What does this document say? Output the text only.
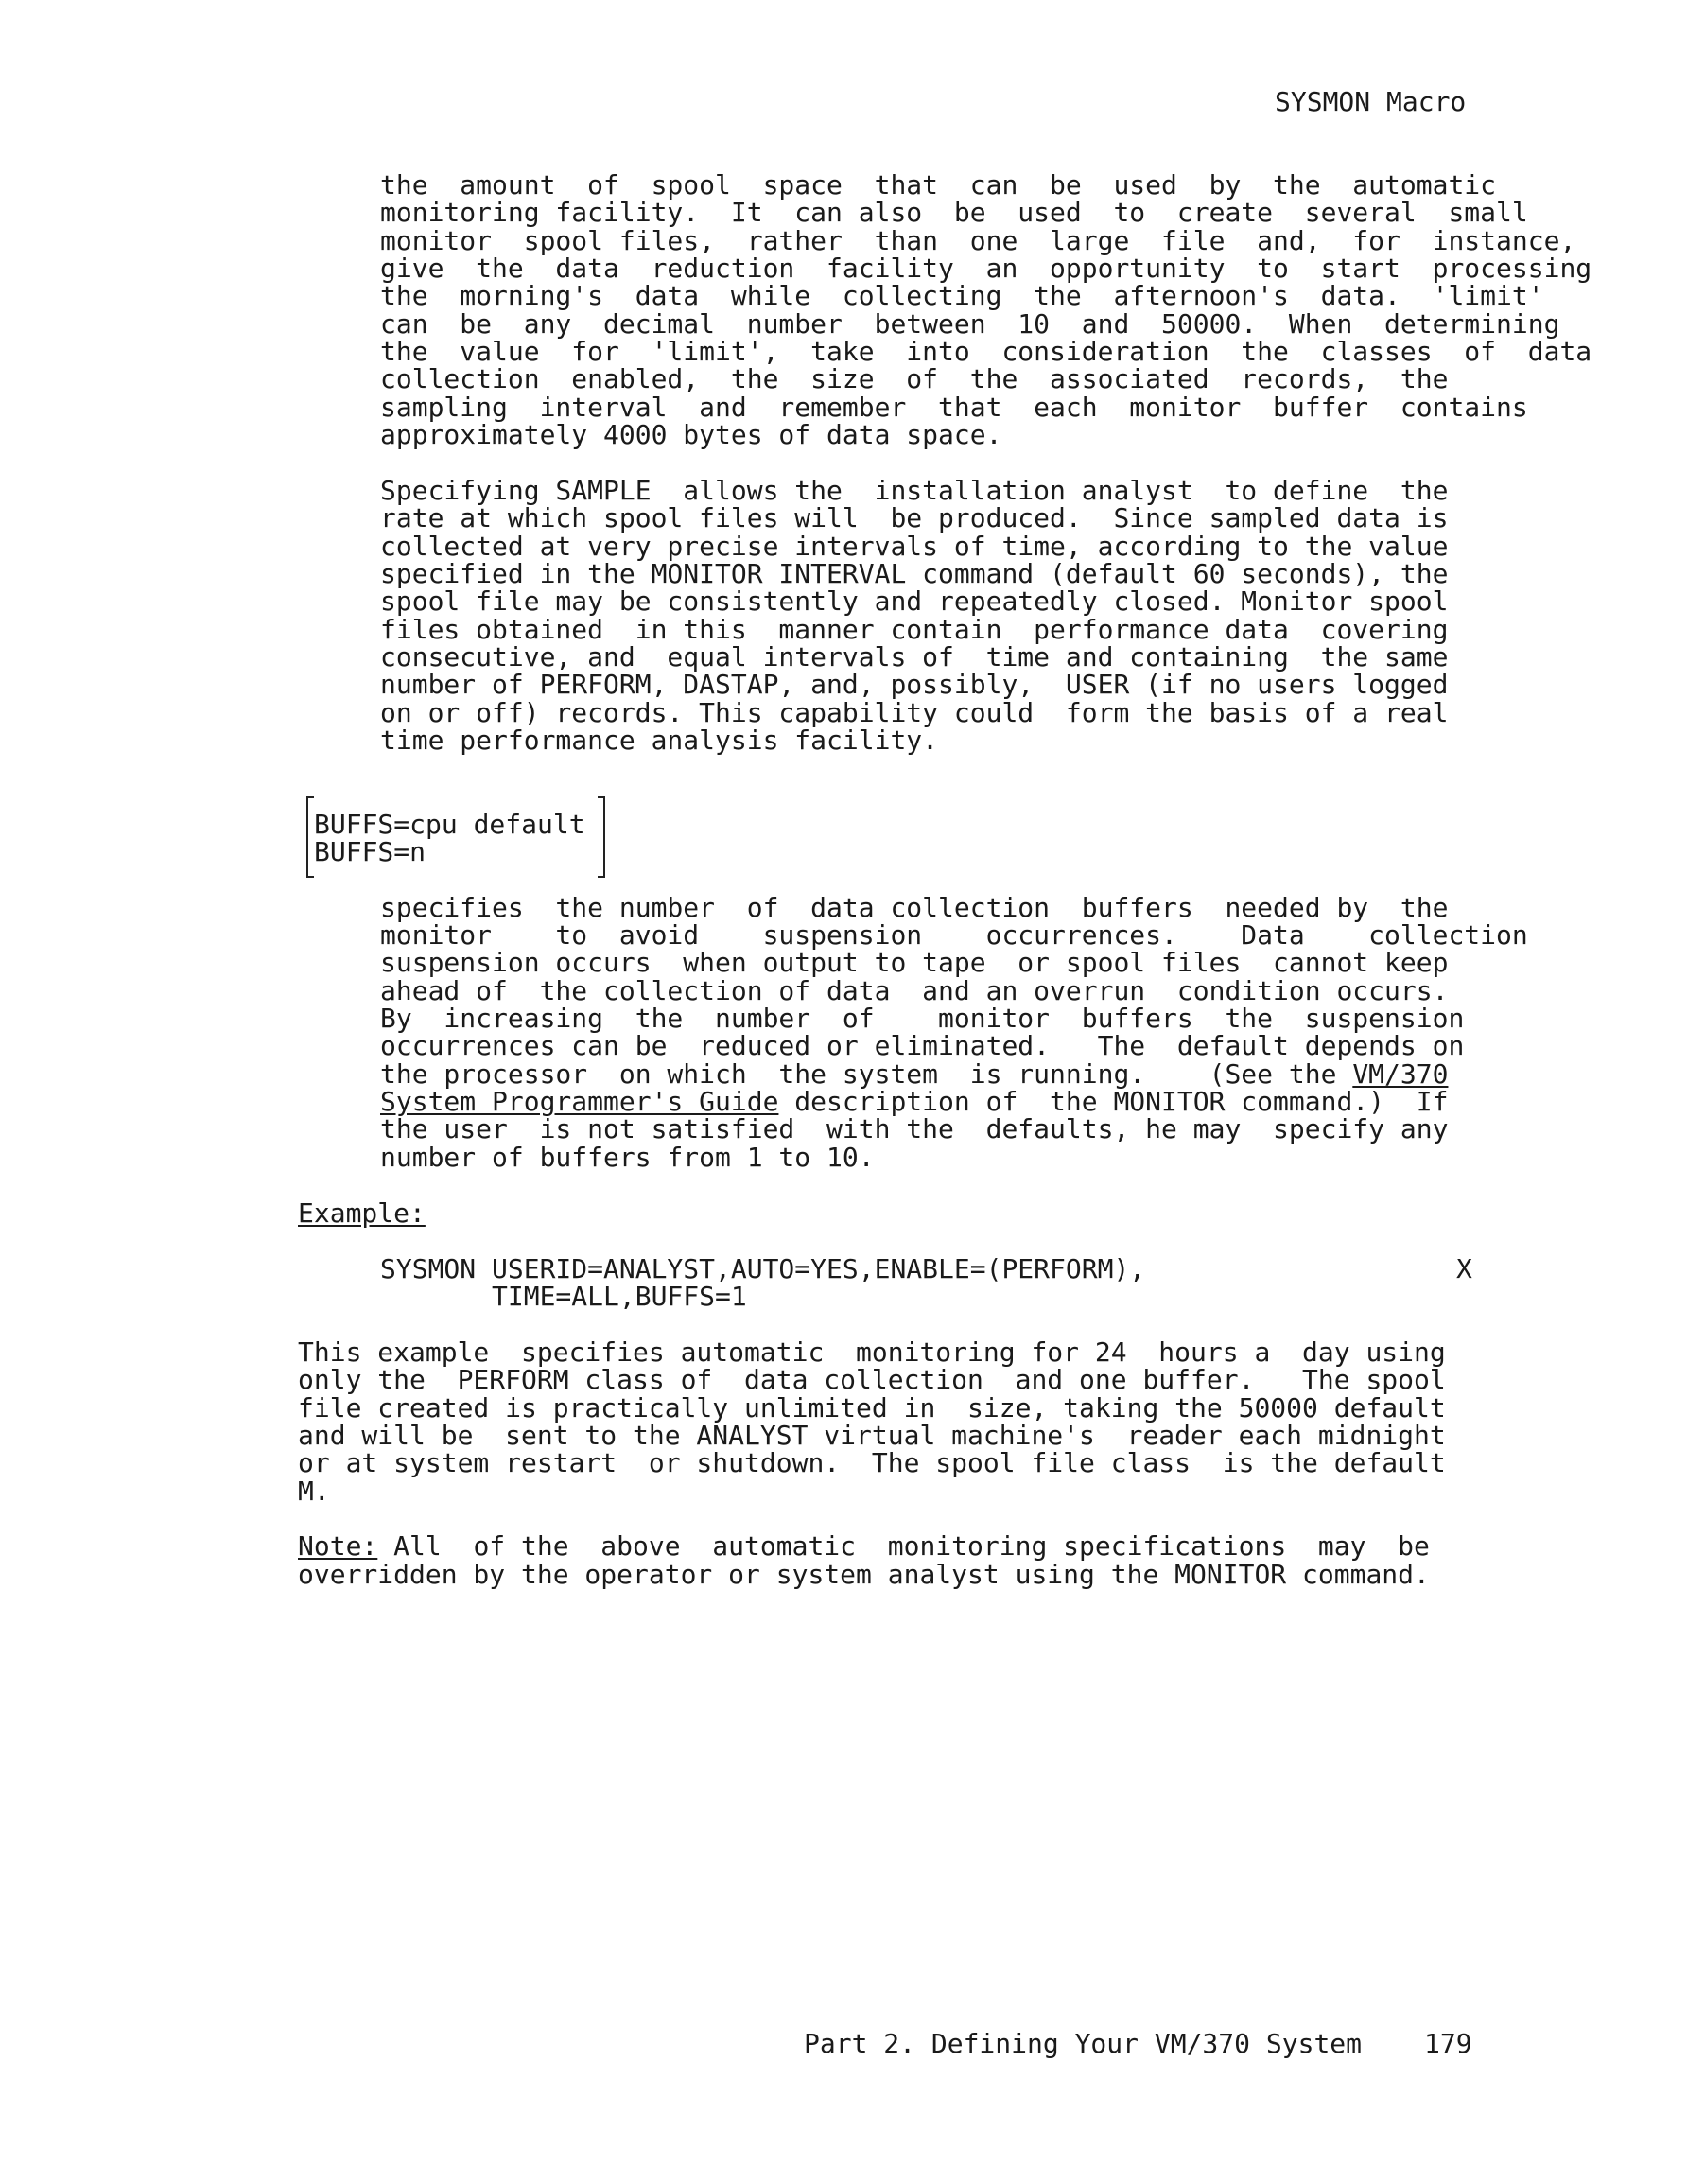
SYSMON Macro

the  amount  of  spool  space  that  can  be  used  by  the  automatic

monitoring facility.  It  can also  be  used  to  create  several  small

monitor  spool files,  rather  than  one  large  file  and,  for  instance,

give  the  data  reduction  facility  an  opportunity  to  start  processing

the  morning's  data  while  collecting  the  afternoon's  data.  'limit'

can  be  any  decimal  number  between  10  and  50000.  When  determining

the  value  for  'limit',  take  into  consideration  the  classes  of  data

collection  enabled,  the  size  of  the  associated  records,  the

sampling  interval  and  remember  that  each  monitor  buffer  contains

approximately 4000 bytes of data space.

Specifying SAMPLE  allows the  installation analyst  to define  the

rate at which spool files will  be produced.  Since sampled data is

collected at very precise intervals of time, according to the value

specified in the MONITOR INTERVAL command (default 60 seconds), the

spool file may be consistently and repeatedly closed. Monitor spool

files obtained  in this  manner contain  performance data  covering

consecutive, and  equal intervals of  time and containing  the same

number of PERFORM, DASTAP, and, possibly,  USER (if no users logged

on or off) records. This capability could  form the basis of a real

time performance analysis facility.

BUFFS=cpu default

BUFFS=n

specifies  the number  of  data collection  buffers  needed by  the

monitor    to  avoid    suspension    occurrences.    Data    collection

suspension occurs  when output to tape  or spool files  cannot keep

ahead of  the collection of data  and an overrun  condition occurs.

By  increasing  the  number  of    monitor  buffers  the  suspension

occurrences can be  reduced or eliminated.   The  default depends on

the processor  on which  the system  is running.    (See the VM/370

System Programmer's Guide description of  the MONITOR command.)  If

the user  is not satisfied  with the  defaults, he may  specify any

number of buffers from 1 to 10.

Example:

SYSMON USERID=ANALYST,AUTO=YES,ENABLE=(PERFORM),	X

TIME=ALL,BUFFS=1

This example  specifies automatic  monitoring for 24  hours a  day using

only the  PERFORM class of  data collection  and one buffer.   The spool

file created is practically unlimited in  size, taking the 50000 default

and will be  sent to the ANALYST virtual machine's  reader each midnight

or at system restart  or shutdown.  The spool file class  is the default

M.

Note: All  of the  above  automatic  monitoring specifications  may  be

overridden by the operator or system analyst using the MONITOR command.

Part 2. Defining Your VM/370 System 179
